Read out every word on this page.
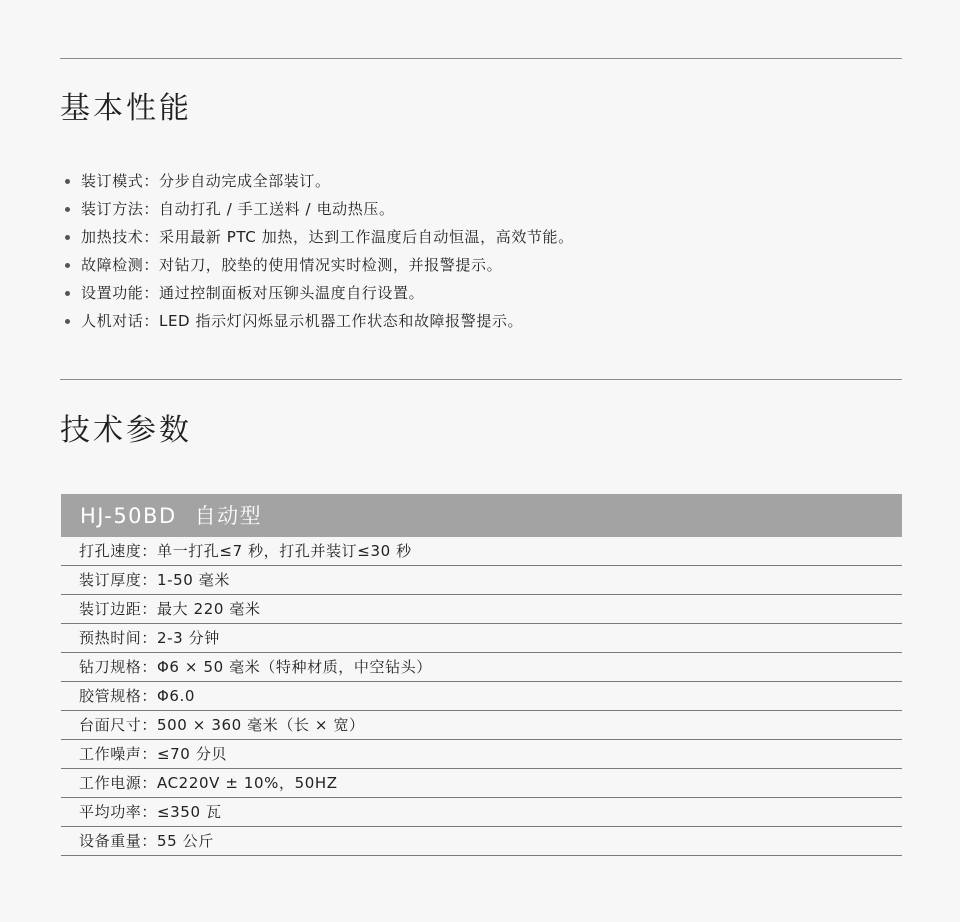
基本性能
装订模式：分步自动完成全部装订。
装订方法：自动打孔 / 手工送料 / 电动热压。
加热技术：采用最新 PTC 加热，达到工作温度后自动恒温，高效节能。
故障检测：对钻刀，胶垫的使用情况实时检测，并报警提示。
设置功能：通过控制面板对压铆头温度自行设置。
人机对话：LED 指示灯闪烁显示机器工作状态和故障报警提示。
技术参数
HJ-50BD 自动型
打孔速度：单一打孔≤7 秒，打孔并装订≤30 秒
装订厚度：1-50 毫米
装订边距：最大 220 毫米
预热时间：2-3 分钟
钻刀规格：Φ6 × 50 毫米（特种材质，中空钻头）
胶管规格：Φ6.0
台面尺寸：500 × 360 毫米（长 × 宽）
工作噪声：≤70 分贝
工作电源：AC220V ± 10%，50HZ
平均功率：≤350 瓦
设备重量：55 公斤
